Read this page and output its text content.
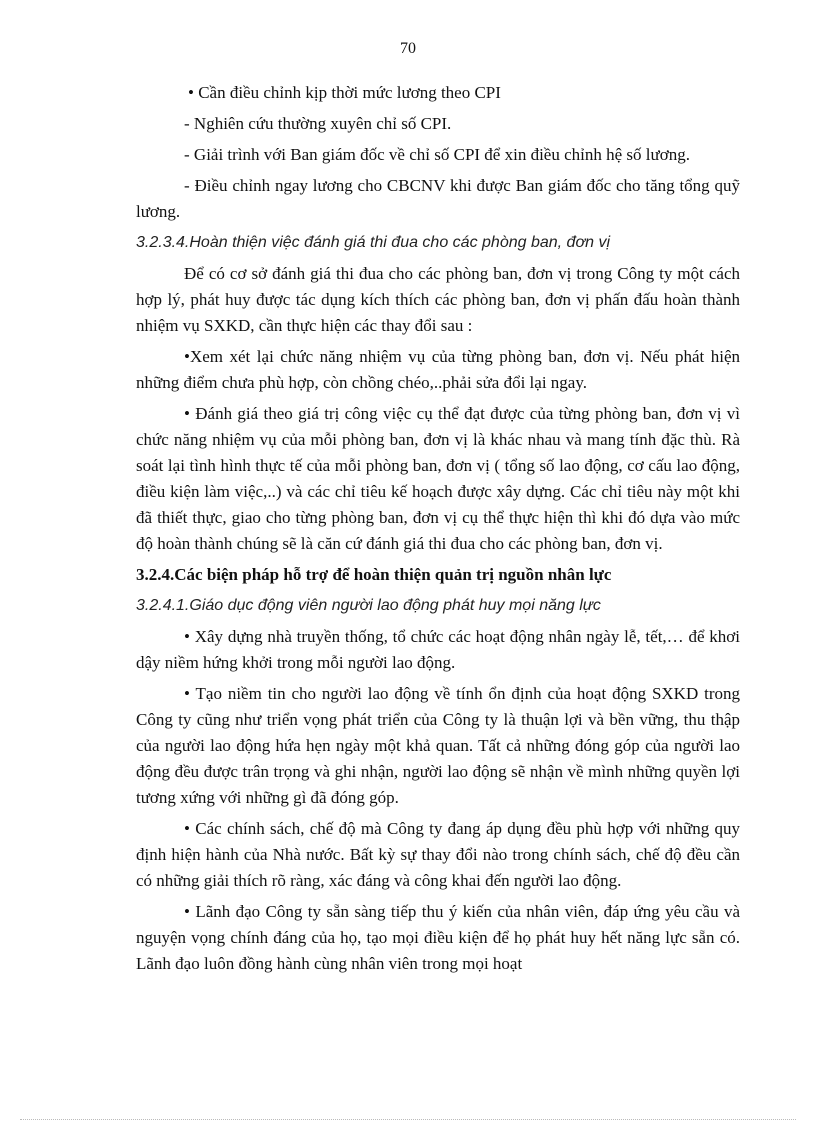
70

• Cần điều chỉnh kịp thời mức lương theo CPI

- Nghiên cứu thường xuyên chỉ số CPI.

- Giải trình với Ban giám đốc về chỉ số CPI để xin điều chỉnh hệ số lương.

- Điều chỉnh ngay lương cho CBCNV khi được Ban giám đốc cho tăng tổng quỹ lương.

3.2.3.4.Hoàn thiện việc đánh giá thi đua cho các phòng ban, đơn vị

Để có cơ sở đánh giá thi đua cho các phòng ban, đơn vị trong Công ty một cách hợp lý, phát huy được tác dụng kích thích các phòng ban, đơn vị phấn đấu hoàn thành nhiệm vụ SXKD, cần thực hiện các thay đổi sau :

•Xem xét lại chức năng nhiệm vụ của từng phòng ban, đơn vị. Nếu phát hiện những điểm chưa phù hợp, còn chồng chéo,..phải sửa đổi lại ngay.

• Đánh giá theo giá trị công việc cụ thể đạt được của từng phòng ban, đơn vị vì chức năng nhiệm vụ của mỗi phòng ban, đơn vị là khác nhau và mang tính đặc thù. Rà soát lại tình hình thực tế của mỗi phòng ban, đơn vị ( tổng số lao động, cơ cấu lao động, điều kiện làm việc,..) và các chỉ tiêu kế hoạch được xây dựng. Các chỉ tiêu này một khi đã thiết thực, giao cho từng phòng ban, đơn vị cụ thể thực hiện thì khi đó dựa vào mức độ hoàn thành chúng sẽ là căn cứ đánh giá thi đua cho các phòng ban, đơn vị.

3.2.4.Các biện pháp hỗ trợ để hoàn thiện quản trị nguồn nhân lực

3.2.4.1.Giáo dục động viên người lao động phát huy mọi năng lực

• Xây dựng nhà truyền thống, tổ chức các hoạt động nhân ngày lễ, tết,… để khơi dậy niềm hứng khởi trong mỗi người lao động.

• Tạo niềm tin cho người lao động về tính ổn định của hoạt động SXKD trong Công ty cũng như triển vọng phát triển của Công ty là thuận lợi và bền vững, thu thập của người lao động hứa hẹn ngày một khả quan. Tất cả những đóng góp của người lao động đều được trân trọng và ghi nhận, người lao động sẽ nhận về mình những quyền lợi tương xứng với những gì đã đóng góp.

• Các chính sách, chế độ mà Công ty đang áp dụng đều phù hợp với những quy định hiện hành của Nhà nước. Bất kỳ sự thay đổi nào trong chính sách, chế độ đều cần có những giải thích rõ ràng, xác đáng và công khai đến người lao động.

• Lãnh đạo Công ty sẵn sàng tiếp thu ý kiến của nhân viên, đáp ứng yêu cầu và nguyện vọng chính đáng của họ, tạo mọi điều kiện để họ phát huy hết năng lực sẵn có. Lãnh đạo luôn đồng hành cùng nhân viên trong mọi hoạt
